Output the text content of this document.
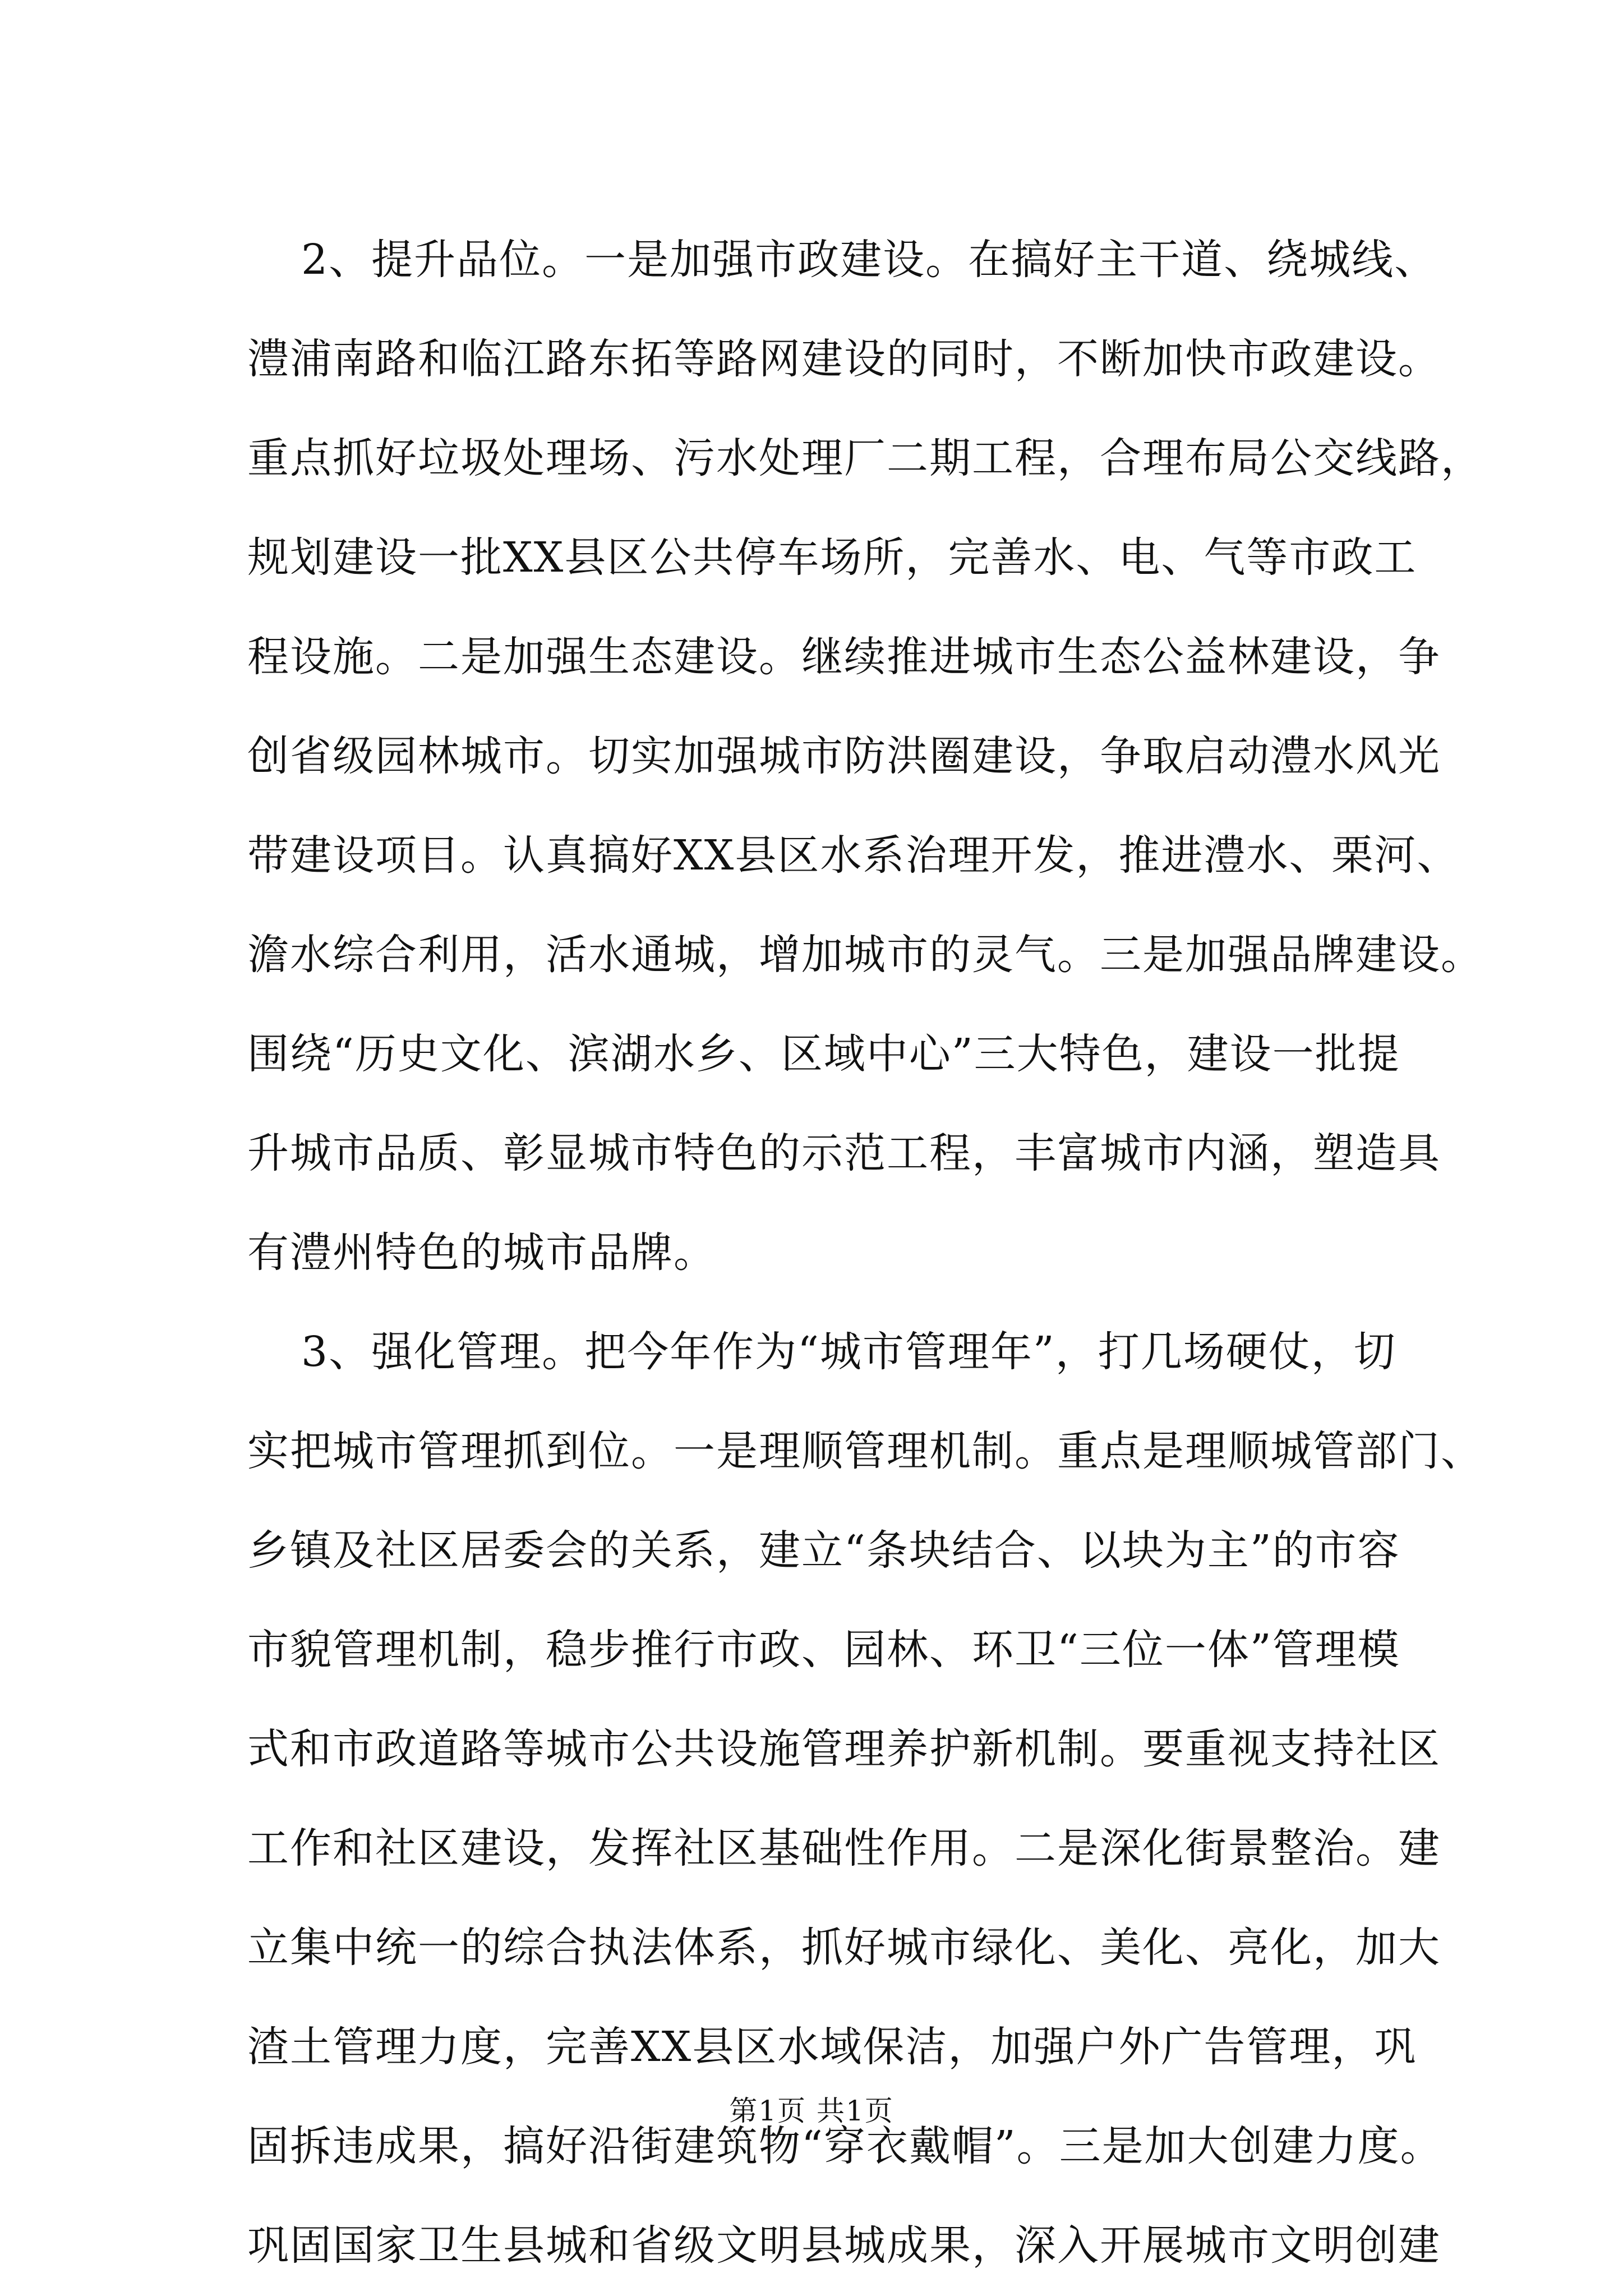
2、提升品位。一是加强市政建设。在搞好主干道、绕城线、
澧浦南路和临江路东拓等路网建设的同时，不断加快市政建设。
重点抓好垃圾处理场、污水处理厂二期工程，合理布局公交线路，
规划建设一批XX县区公共停车场所，完善水、电、气等市政工
程设施。二是加强生态建设。继续推进城市生态公益林建设，争
创省级园林城市。切实加强城市防洪圈建设，争取启动澧水风光
带建设项目。认真搞好XX县区水系治理开发，推进澧水、栗河、
澹水综合利用，活水通城，增加城市的灵气。三是加强品牌建设。
围绕“历史文化、滨湖水乡、区域中心”三大特色，建设一批提
升城市品质、彰显城市特色的示范工程，丰富城市内涵，塑造具
有澧州特色的城市品牌。
3、强化管理。把今年作为“城市管理年”，打几场硬仗，切
实把城市管理抓到位。一是理顺管理机制。重点是理顺城管部门、
乡镇及社区居委会的关系，建立“条块结合、以块为主”的市容
市貌管理机制，稳步推行市政、园林、环卫“三位一体”管理模
式和市政道路等城市公共设施管理养护新机制。要重视支持社区
工作和社区建设，发挥社区基础性作用。二是深化街景整治。建
立集中统一的综合执法体系，抓好城市绿化、美化、亮化，加大
渣土管理力度，完善XX县区水域保洁，加强户外广告管理，巩
固拆违成果，搞好沿街建筑物“穿衣戴帽”。三是加大创建力度。
巩固国家卫生县城和省级文明县城成果，深入开展城市文明创建
第1页 共1页
